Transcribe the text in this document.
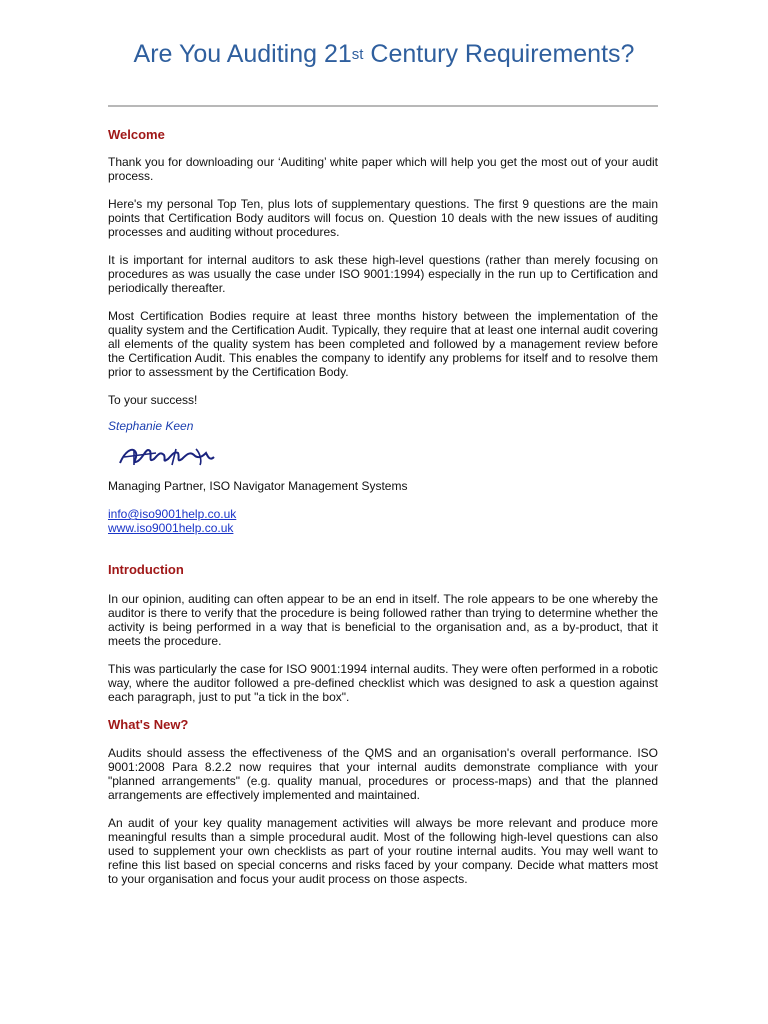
Are You Auditing 21st Century Requirements?
Welcome

Thank you for downloading our ‘Auditing’ white paper which will help you get the most out of your audit process.

Here's my personal Top Ten, plus lots of supplementary questions. The first 9 questions are the main points that Certification Body auditors will focus on. Question 10 deals with the new issues of auditing processes and auditing without procedures.

It is important for internal auditors to ask these high-level questions (rather than merely focusing on procedures as was usually the case under ISO 9001:1994) especially in the run up to Certification and periodically thereafter.

Most Certification Bodies require at least three months history between the implementation of the quality system and the Certification Audit. Typically, they require that at least one internal audit covering all elements of the quality system has been completed and followed by a management review before the Certification Audit. This enables the company to identify any problems for itself and to resolve them prior to assessment by the Certification Body.

To your success!

Stephanie Keen

Managing Partner, ISO Navigator Management Systems

info@iso9001help.co.uk
www.iso9001help.co.uk
Introduction

In our opinion, auditing can often appear to be an end in itself. The role appears to be one whereby the auditor is there to verify that the procedure is being followed rather than trying to determine whether the activity is being performed in a way that is beneficial to the organisation and, as a by-product, that it meets the procedure.

This was particularly the case for ISO 9001:1994 internal audits. They were often performed in a robotic way, where the auditor followed a pre-defined checklist which was designed to ask a question against each paragraph, just to put "a tick in the box".

What's New?

Audits should assess the effectiveness of the QMS and an organisation's overall performance. ISO 9001:2008 Para 8.2.2 now requires that your internal audits demonstrate compliance with your "planned arrangements" (e.g. quality manual, procedures or process-maps) and that the planned arrangements are effectively implemented and maintained.

An audit of your key quality management activities will always be more relevant and produce more meaningful results than a simple procedural audit. Most of the following high-level questions can also used to supplement your own checklists as part of your routine internal audits. You may well want to refine this list based on special concerns and risks faced by your company. Decide what matters most to your organisation and focus your audit process on those aspects.
